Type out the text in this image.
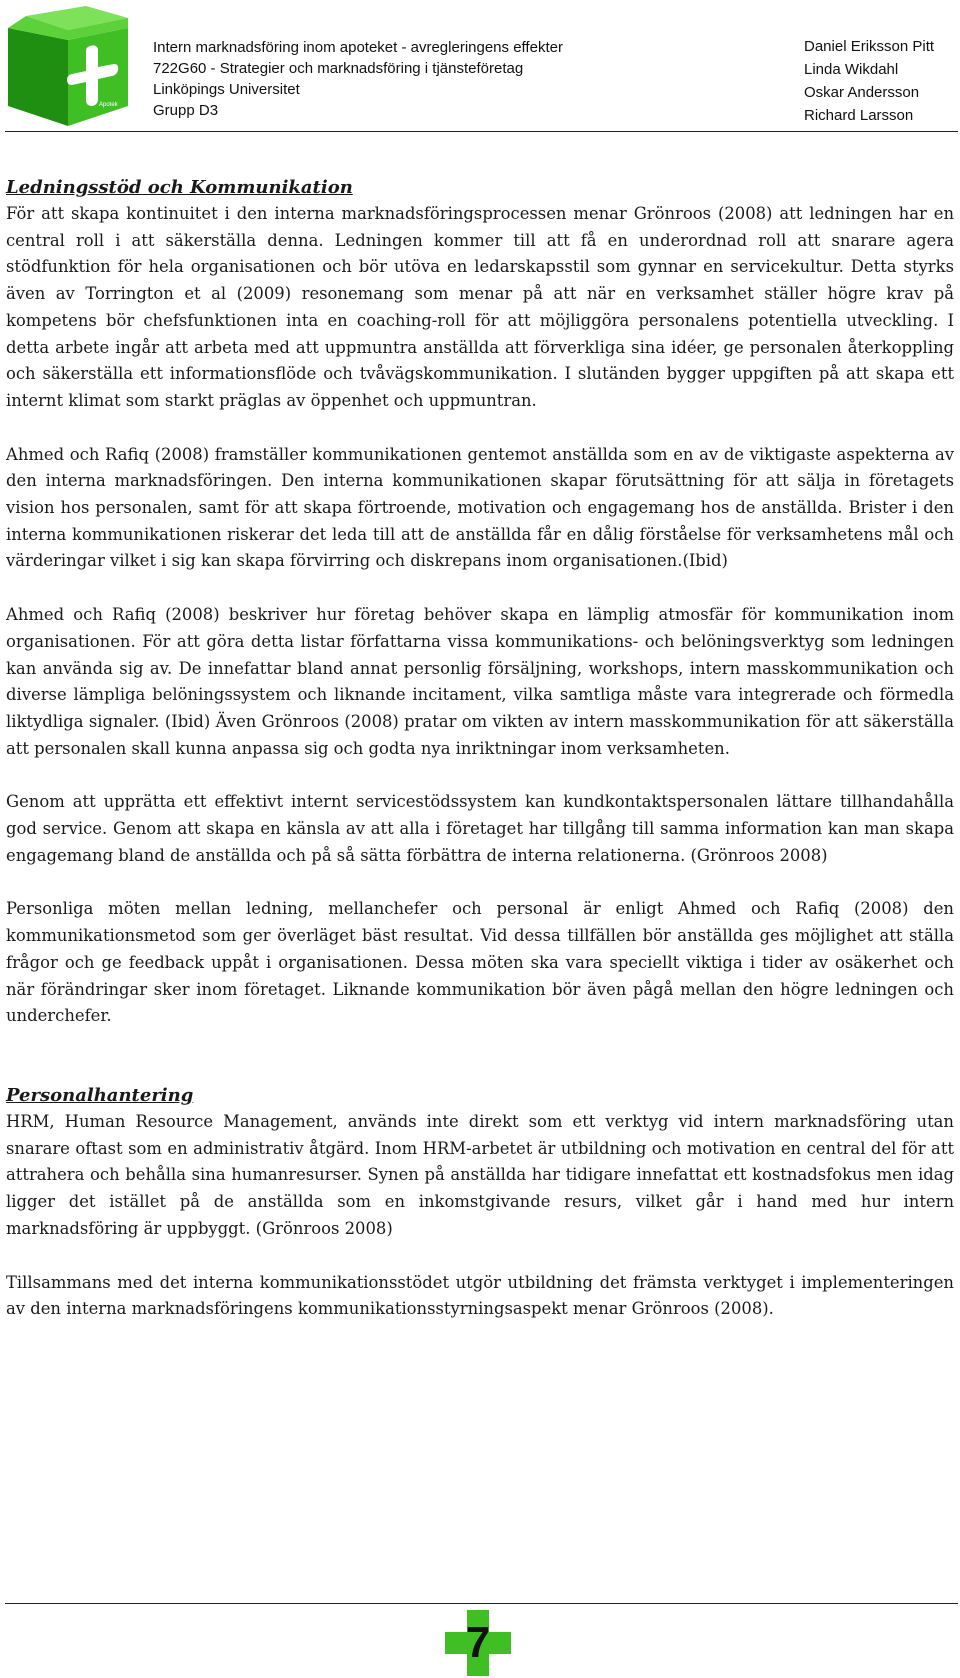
Apotek
Intern marknadsföring inom apoteket - avregleringens effekter
722G60 - Strategier och marknadsföring i tjänsteföretag
Linköpings Universitet
Grupp D3
Daniel Eriksson Pitt
Linda Wikdahl
Oskar Andersson
Richard Larsson
Ledningsstöd och Kommunikation

För att skapa kontinuitet i den interna marknadsföringsprocessen menar Grönroos (2008) att ledningen har en central roll i att säkerställa denna. Ledningen kommer till att få en underordnad roll att snarare agera stödfunktion för hela organisationen och bör utöva en ledarskapsstil som gynnar en servicekultur. Detta styrks även av Torrington et al (2009) resonemang som menar på att när en verksamhet ställer högre krav på kompetens bör chefsfunktionen inta en coaching-roll för att möjliggöra personalens potentiella utveckling. I detta arbete ingår att arbeta med att uppmuntra anställda att förverkliga sina idéer, ge personalen återkoppling och säkerställa ett informationsflöde och tvåvägskommunikation. I slutänden bygger uppgiften på att skapa ett internt klimat som starkt präglas av öppenhet och uppmuntran.

Ahmed och Rafiq (2008) framställer kommunikationen gentemot anställda som en av de viktigaste aspekterna av den interna marknadsföringen. Den interna kommunikationen skapar förutsättning för att sälja in företagets vision hos personalen, samt för att skapa förtroende, motivation och engagemang hos de anställda. Brister i den interna kommunikationen riskerar det leda till att de anställda får en dålig förståelse för verksamhetens mål och värderingar vilket i sig kan skapa förvirring och diskrepans inom organisationen.(Ibid)

Ahmed och Rafiq (2008) beskriver hur företag behöver skapa en lämplig atmosfär för kommunikation inom organisationen. För att göra detta listar författarna vissa kommunikations- och belöningsverktyg som ledningen kan använda sig av. De innefattar bland annat personlig försäljning, workshops, intern masskommunikation och diverse lämpliga belöningssystem och liknande incitament, vilka samtliga måste vara integrerade och förmedla liktydliga signaler. (Ibid) Även Grönroos (2008) pratar om vikten av intern masskommunikation för att säkerställa att personalen skall kunna anpassa sig och godta nya inriktningar inom verksamheten.

Genom att upprätta ett effektivt internt servicestödssystem kan kundkontaktspersonalen lättare tillhandahålla god service. Genom att skapa en känsla av att alla i företaget har tillgång till samma information kan man skapa engagemang bland de anställda och på så sätta förbättra de interna relationerna. (Grönroos 2008)

Personliga möten mellan ledning, mellanchefer och personal är enligt Ahmed och Rafiq (2008) den kommunikationsmetod som ger överläget bäst resultat. Vid dessa tillfällen bör anställda ges möjlighet att ställa frågor och ge feedback uppåt i organisationen. Dessa möten ska vara speciellt viktiga i tider av osäkerhet och när förändringar sker inom företaget. Liknande kommunikation bör även pågå mellan den högre ledningen och underchefer.

Personalhantering

HRM, Human Resource Management, används inte direkt som ett verktyg vid intern marknadsföring utan snarare oftast som en administrativ åtgärd. Inom HRM-arbetet är utbildning och motivation en central del för att attrahera och behålla sina humanresurser. Synen på anställda har tidigare innefattat ett kostnadsfokus men idag ligger det istället på de anställda som en inkomstgivande resurs, vilket går i hand med hur intern marknadsföring är uppbyggt. (Grönroos 2008)

Tillsammans med det interna kommunikationsstödet utgör utbildning det främsta verktyget i implementeringen av den interna marknadsföringens kommunikationsstyrningsaspekt menar Grönroos (2008).

7
